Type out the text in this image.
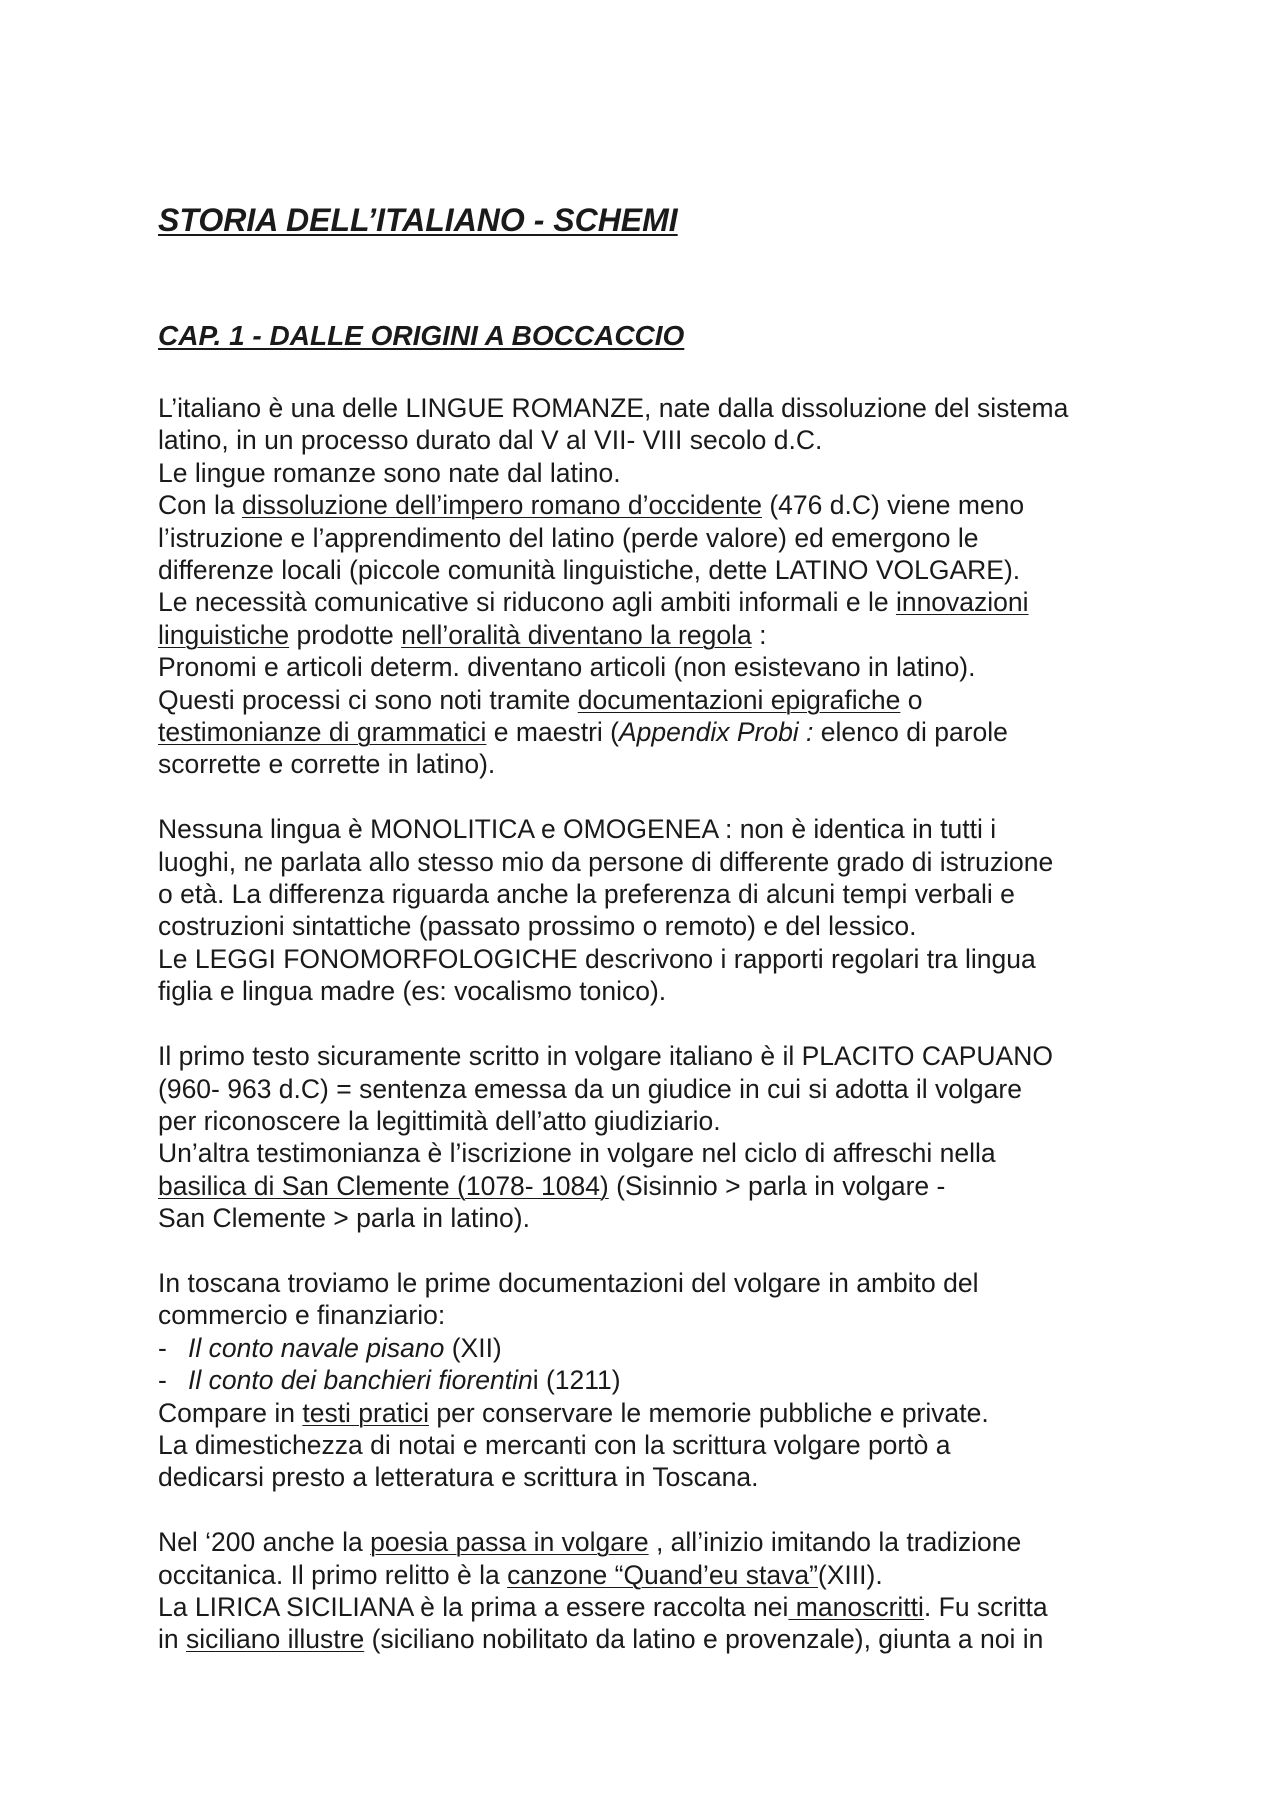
STORIA DELL’ITALIANO - SCHEMI
CAP. 1 - DALLE ORIGINI A BOCCACCIO

L’italiano è una delle LINGUE ROMANZE, nate dalla dissoluzione del sistema
latino, in un processo durato dal V al VII- VIII secolo d.C.
Le lingue romanze sono nate dal latino.
Con la dissoluzione dell’impero romano d’occidente (476 d.C) viene meno
l’istruzione e l’apprendimento del latino (perde valore) ed emergono le
differenze locali (piccole comunità linguistiche, dette LATINO VOLGARE).
Le necessità comunicative si riducono agli ambiti informali e le innovazioni
linguistiche prodotte nell’oralità diventano la regola :
Pronomi e articoli determ. diventano articoli (non esistevano in latino).
Questi processi ci sono noti tramite documentazioni epigrafiche o
testimonianze di grammatici e maestri (Appendix Probi : elenco di parole
scorrette e corrette in latino).

Nessuna lingua è MONOLITICA e OMOGENEA : non è identica in tutti i
luoghi, ne parlata allo stesso mio da persone di differente grado di istruzione
o età. La differenza riguarda anche la preferenza di alcuni tempi verbali e
costruzioni sintattiche (passato prossimo o remoto) e del lessico.
Le LEGGI FONOMORFOLOGICHE descrivono i rapporti regolari tra lingua
figlia e lingua madre (es: vocalismo tonico).

Il primo testo sicuramente scritto in volgare italiano è il PLACITO CAPUANO
(960- 963 d.C) = sentenza emessa da un giudice in cui si adotta il volgare
per riconoscere la legittimità dell’atto giudiziario.
Un’altra testimonianza è l’iscrizione in volgare nel ciclo di affreschi nella
basilica di San Clemente (1078- 1084) (Sisinnio > parla in volgare -
San Clemente > parla in latino).

In toscana troviamo le prime documentazioni del volgare in ambito del
commercio e finanziario:

- Il conto navale pisano (XII)
- Il conto dei banchieri fiorentini (1211)
Compare in testi pratici per conservare le memorie pubbliche e private.
La dimestichezza di notai e mercanti con la scrittura volgare portò a
dedicarsi presto a letteratura e scrittura in Toscana.

Nel ‘200 anche la poesia passa in volgare , all’inizio imitando la tradizione
occitanica. Il primo relitto è la canzone “Quand’eu stava”(XIII).
La LIRICA SICILIANA è la prima a essere raccolta nei manoscritti. Fu scritta
in siciliano illustre (siciliano nobilitato da latino e provenzale), giunta a noi in
